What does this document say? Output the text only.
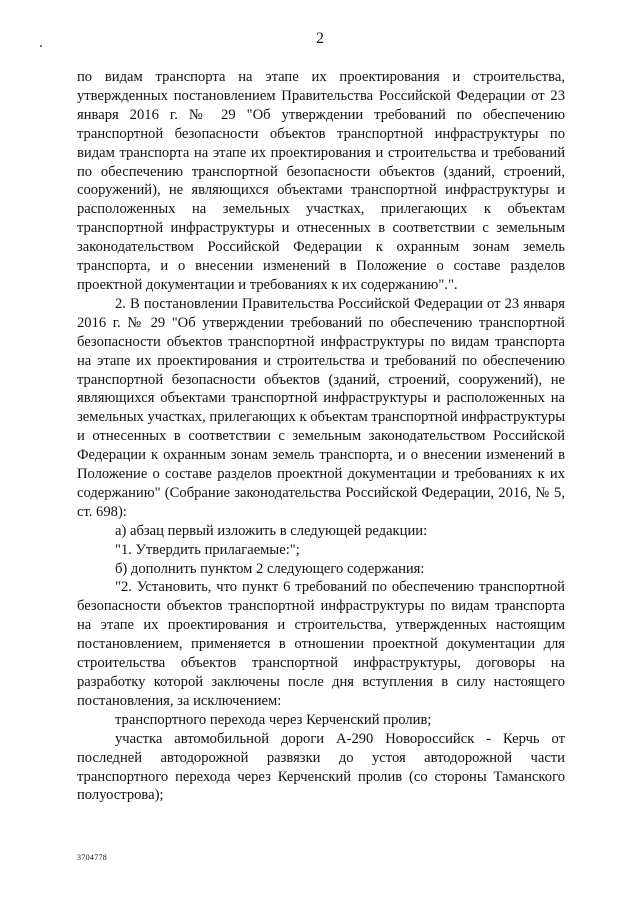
2

по видам транспорта на этапе их проектирования и строительства, утвержденных постановлением Правительства Российской Федерации от 23 января 2016 г. № 29 "Об утверждении требований по обеспечению транспортной безопасности объектов транспортной инфраструктуры по видам транспорта на этапе их проектирования и строительства и требований по обеспечению транспортной безопасности объектов (зданий, строений, сооружений), не являющихся объектами транспортной инфраструктуры и расположенных на земельных участках, прилегающих к объектам транспортной инфраструктуры и отнесенных в соответствии с земельным законодательством Российской Федерации к охранным зонам земель транспорта, и о внесении изменений в Положение о составе разделов проектной документации и требованиях к их содержанию".".

2. В постановлении Правительства Российской Федерации от 23 января 2016 г. № 29 "Об утверждении требований по обеспечению транспортной безопасности объектов транспортной инфраструктуры по видам транспорта на этапе их проектирования и строительства и требований по обеспечению транспортной безопасности объектов (зданий, строений, сооружений), не являющихся объектами транспортной инфраструктуры и расположенных на земельных участках, прилегающих к объектам транспортной инфраструктуры и отнесенных в соответствии с земельным законодательством Российской Федерации к охранным зонам земель транспорта, и о внесении изменений в Положение о составе разделов проектной документации и требованиях к их содержанию" (Собрание законодательства Российской Федерации, 2016, № 5, ст. 698):

а) абзац первый изложить в следующей редакции:

"1. Утвердить прилагаемые:";

б) дополнить пунктом 2 следующего содержания:

"2. Установить, что пункт 6 требований по обеспечению транспортной безопасности объектов транспортной инфраструктуры по видам транспорта на этапе их проектирования и строительства, утвержденных настоящим постановлением, применяется в отношении проектной документации для строительства объектов транспортной инфраструктуры, договоры на разработку которой заключены после дня вступления в силу настоящего постановления, за исключением:

транспортного перехода через Керченский пролив;

участка автомобильной дороги А-290 Новороссийск - Керчь от последней автодорожной развязки до устоя автодорожной части транспортного перехода через Керченский пролив (со стороны Таманского полуострова);

3704778
